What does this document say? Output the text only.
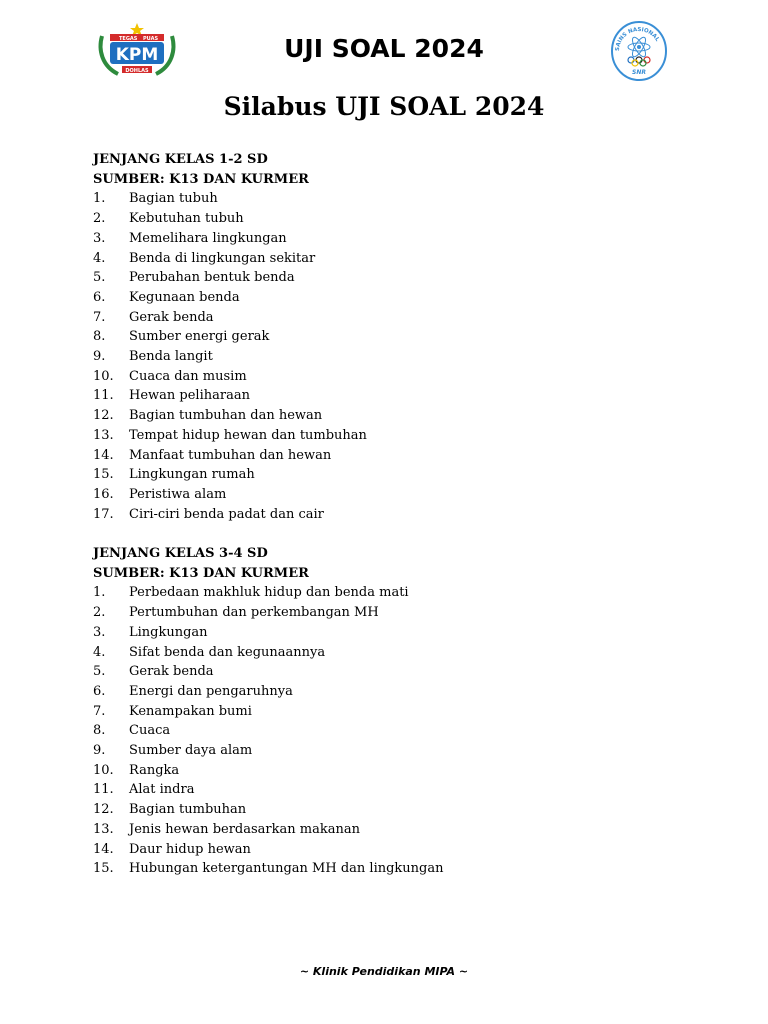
TEGAS PUAS
KPM
DOHLAS
UJI SOAL 2024	SAINS NASIONAL
SNR
Silabus UJI SOAL 2024
JENJANG KELAS 1-2 SD
SUMBER: K13 DAN KURMER
1.	Bagian tubuh
2.	Kebutuhan tubuh
3.	Memelihara lingkungan
4.	Benda di lingkungan sekitar
5.	Perubahan bentuk benda
6.	Kegunaan benda
7.	Gerak benda
8.	Sumber energi gerak
9.	Benda langit
10.	Cuaca dan musim
11.	Hewan peliharaan
12.	Bagian tumbuhan dan hewan
13.	Tempat hidup hewan dan tumbuhan
14.	Manfaat tumbuhan dan hewan
15.	Lingkungan rumah
16.	Peristiwa alam
17.	Ciri-ciri benda padat dan cair
JENJANG KELAS 3-4 SD
SUMBER: K13 DAN KURMER
1.	Perbedaan makhluk hidup dan benda mati
2.	Pertumbuhan dan perkembangan MH
3.	Lingkungan
4.	Sifat benda dan kegunaannya
5.	Gerak benda
6.	Energi dan pengaruhnya
7.	Kenampakan bumi
8.	Cuaca
9.	Sumber daya alam
10.	Rangka
11.	Alat indra
12.	Bagian tumbuhan
13.	Jenis hewan berdasarkan makanan
14.	Daur hidup hewan
15.	Hubungan ketergantungan MH dan lingkungan
~ Klinik Pendidikan MIPA ~
